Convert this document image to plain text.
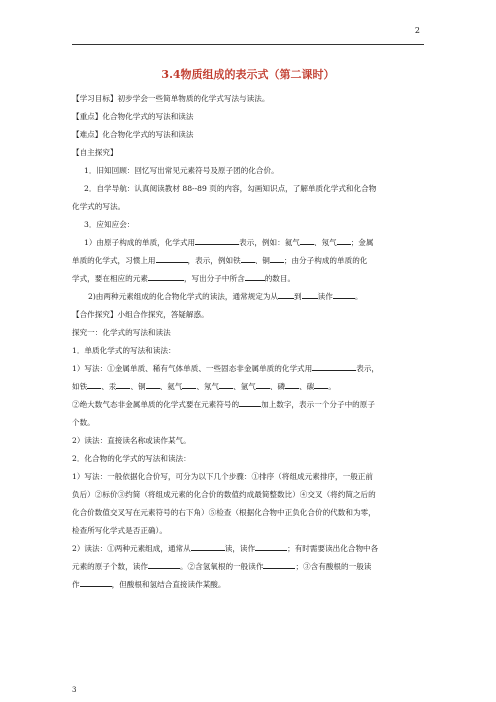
2
3.4物质组成的表示式（第二课时）

【学习目标】初步学会一些简单物质的化学式写法与读法。

【重点】化合物化学式的写法和读法

【难点】化合物化学式的写法和读法

【自主探究】

1．旧知回顾：回忆写出常见元素符号及原子团的化合价。

2．自学导航：认真阅读教材 88--89 页的内容，勾画知识点，了解单质化学式和化合物

化学式的写法。

3．应知应会：

1）由原子构成的单质，化学式用	表示，例如：氦气 、氖气 ；金属

单质的化学式，习惯上用	，表示，例如铁 、铜 ；由分子构成的单质的化

学式，要在相应的元素	，写出分子中所含	的数目。

2)由两种元素组成的化合物化学式的读法，通常规定为从 到 读作	。

【合作探究】小组合作探究，答疑解惑。

探究一：化学式的写法和读法

1．单质化学式的写法和读法：

1）写法：①金属单质、稀有气体单质、一些固态非金属单质的化学式用	表示，

如铁 、汞 、铜 、氦气 、氖气 、氩气 、磷 、碳 。

②绝大数气态非金属单质的化学式要在元素符号的	加上数字，表示一个分子中的原子

个数。

2）读法：直接读名称或读作某气。

2．化合物的化学式的写法和读法：

1）写法：一般依据化合价写，可分为以下几个步骤：①排序（将组成元素排序，一般正前

负后）②标价③约简（将组成元素的化合价的数值约成最简整数比）④交叉（将约简之后的

化合价数值交叉写在元素符号的右下角）⑤检查（根据化合物中正负化合价的代数和为零，

检查所写化学式是否正确）。

2）读法：①两种元素组成，通常从	读，读作	；有时需要读出化合物中各

元素的原子个数，读作	。②含氢氧根的一般读作	；③含有酸根的一般读

作	，但酸根和氢结合直接读作某酸。

3
